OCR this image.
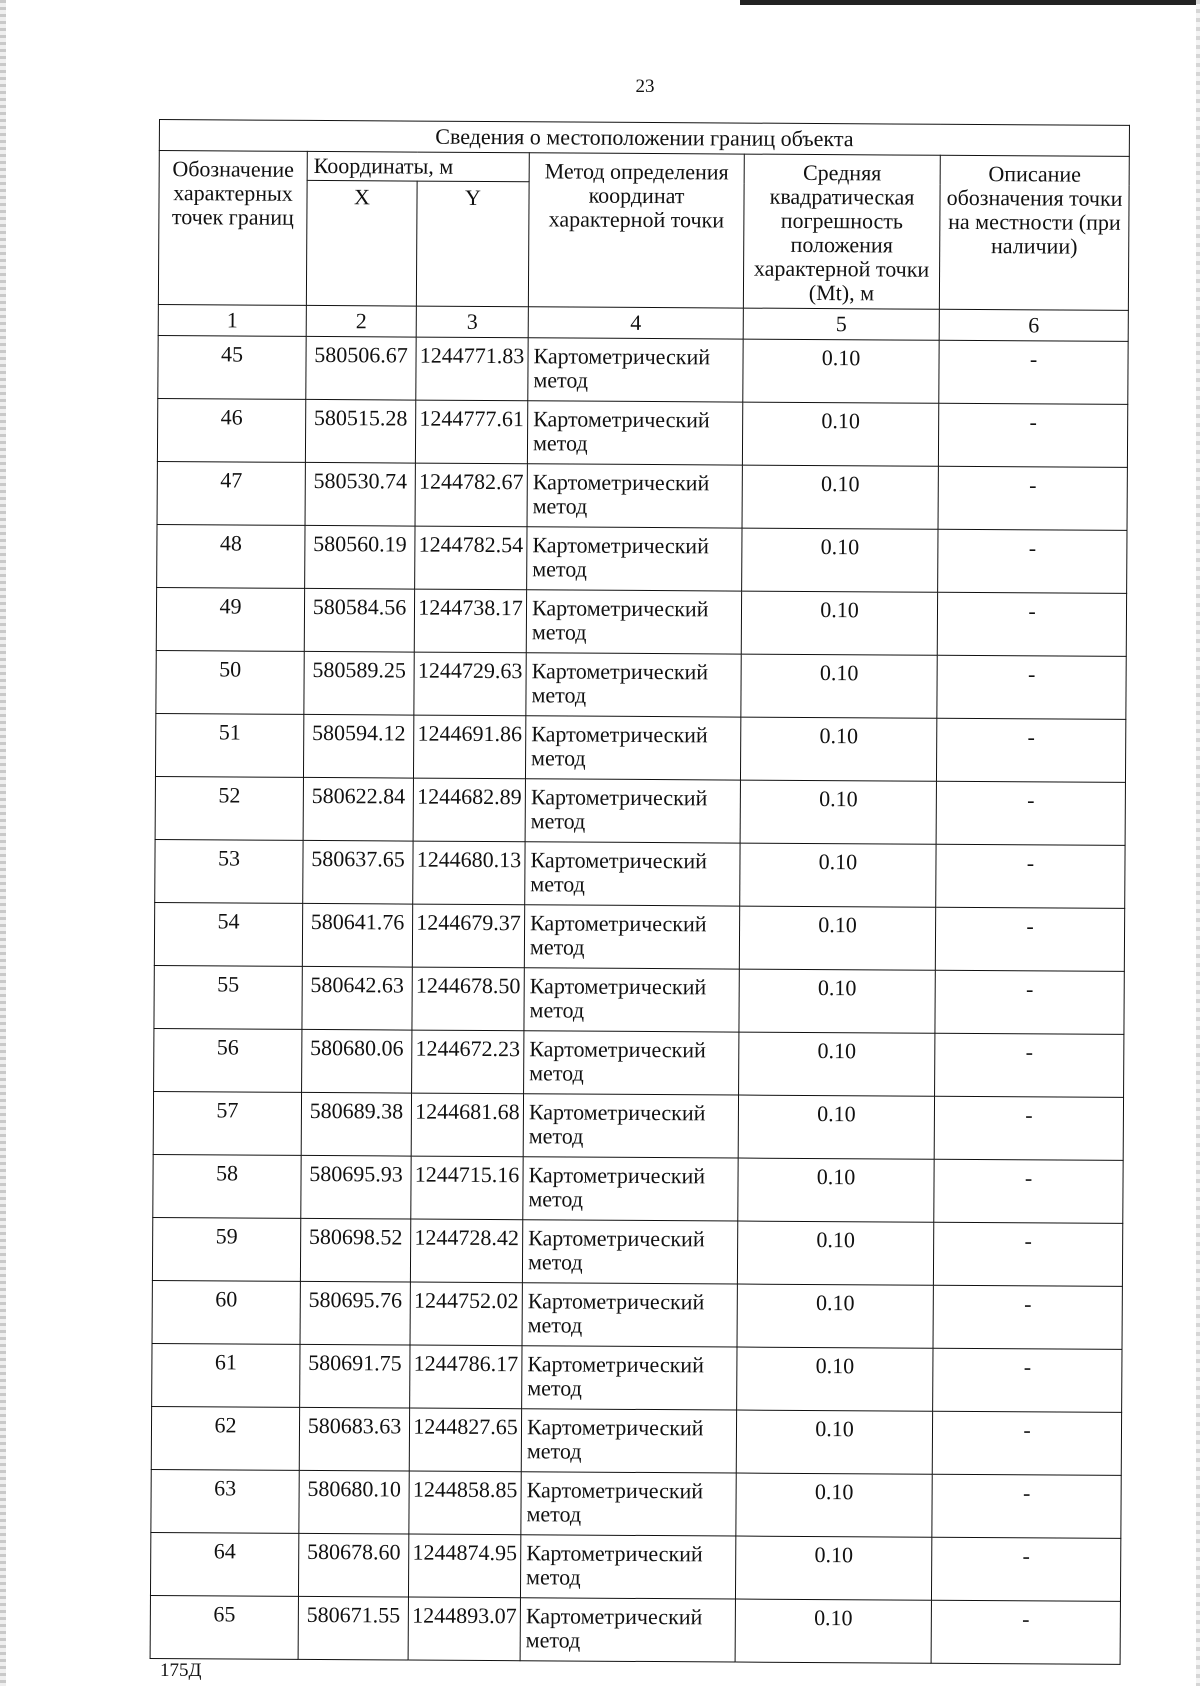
23
Сведения о местоположении границ объекта					
Обозначение характерных точек границ	Координаты, м		Метод определения координат характерной точки	Средняя квадратическая погрешность положения характерной точки (Mt), м	Описание обозначения точки на местности (при наличии)
	X	Y			
1	2	3	4	5	6
45	580506.67	1244771.83	Картометрический метод	0.10	-
46	580515.28	1244777.61	Картометрический метод	0.10	-
47	580530.74	1244782.67	Картометрический метод	0.10	-
48	580560.19	1244782.54	Картометрический метод	0.10	-
49	580584.56	1244738.17	Картометрический метод	0.10	-
50	580589.25	1244729.63	Картометрический метод	0.10	-
51	580594.12	1244691.86	Картометрический метод	0.10	-
52	580622.84	1244682.89	Картометрический метод	0.10	-
53	580637.65	1244680.13	Картометрический метод	0.10	-
54	580641.76	1244679.37	Картометрический метод	0.10	-
55	580642.63	1244678.50	Картометрический метод	0.10	-
56	580680.06	1244672.23	Картометрический метод	0.10	-
57	580689.38	1244681.68	Картометрический метод	0.10	-
58	580695.93	1244715.16	Картометрический метод	0.10	-
59	580698.52	1244728.42	Картометрический метод	0.10	-
60	580695.76	1244752.02	Картометрический метод	0.10	-
61	580691.75	1244786.17	Картометрический метод	0.10	-
62	580683.63	1244827.65	Картометрический метод	0.10	-
63	580680.10	1244858.85	Картометрический метод	0.10	-
64	580678.60	1244874.95	Картометрический метод	0.10	-
65	580671.55	1244893.07	Картометрический метод	0.10	-
175Д
